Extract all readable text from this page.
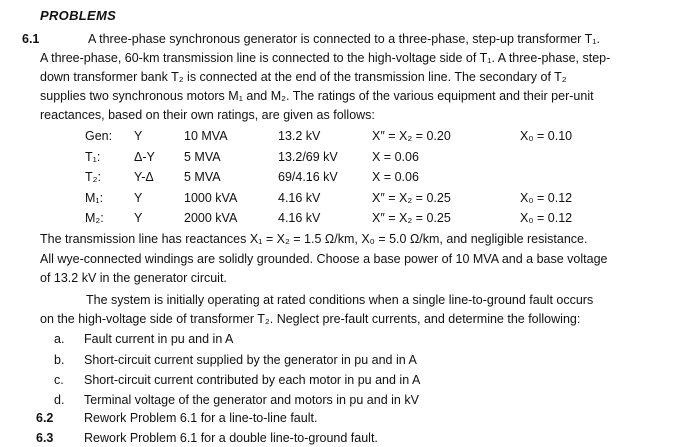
PROBLEMS
6.1	A three-phase synchronous generator is connected to a three-phase, step-up transformer T₁.
A three-phase, 60-km transmission line is connected to the high-voltage side of T₁. A three-phase, step-
down transformer bank T₂ is connected at the end of the transmission line. The secondary of T₂
supplies two synchronous motors M₁ and M₂. The ratings of the various equipment and their per-unit
reactances, based on their own ratings, are given as follows:
Gen: Y	10 MVA	13.2 kV	X″ = X₂ = 0.20	X₀ = 0.10
T₁:	Δ-Y 5 MVA	13.2/69 kV	X = 0.06
T₂:	Y-Δ 5 MVA	69/4.16 kV	X = 0.06
M₁: Y	1000 kVA	4.16 kV	X″ = X₂ = 0.25	X₀ = 0.12
M₂: Y	2000 kVA	4.16 kV	X″ = X₂ = 0.25	X₀ = 0.12
The transmission line has reactances X₁ = X₂ = 1.5 Ω/km, X₀ = 5.0 Ω/km, and negligible resistance.
All wye-connected windings are solidly grounded. Choose a base power of 10 MVA and a base voltage
of 13.2 kV in the generator circuit.
The system is initially operating at rated conditions when a single line-to-ground fault occurs
on the high-voltage side of transformer T₂. Neglect pre-fault currents, and determine the following:
a. Fault current in pu and in A
b. Short-circuit current supplied by the generator in pu and in A
c. Short-circuit current contributed by each motor in pu and in A
d. Terminal voltage of the generator and motors in pu and in kV
6.2 Rework Problem 6.1 for a line-to-line fault.
6.3 Rework Problem 6.1 for a double line-to-ground fault.
